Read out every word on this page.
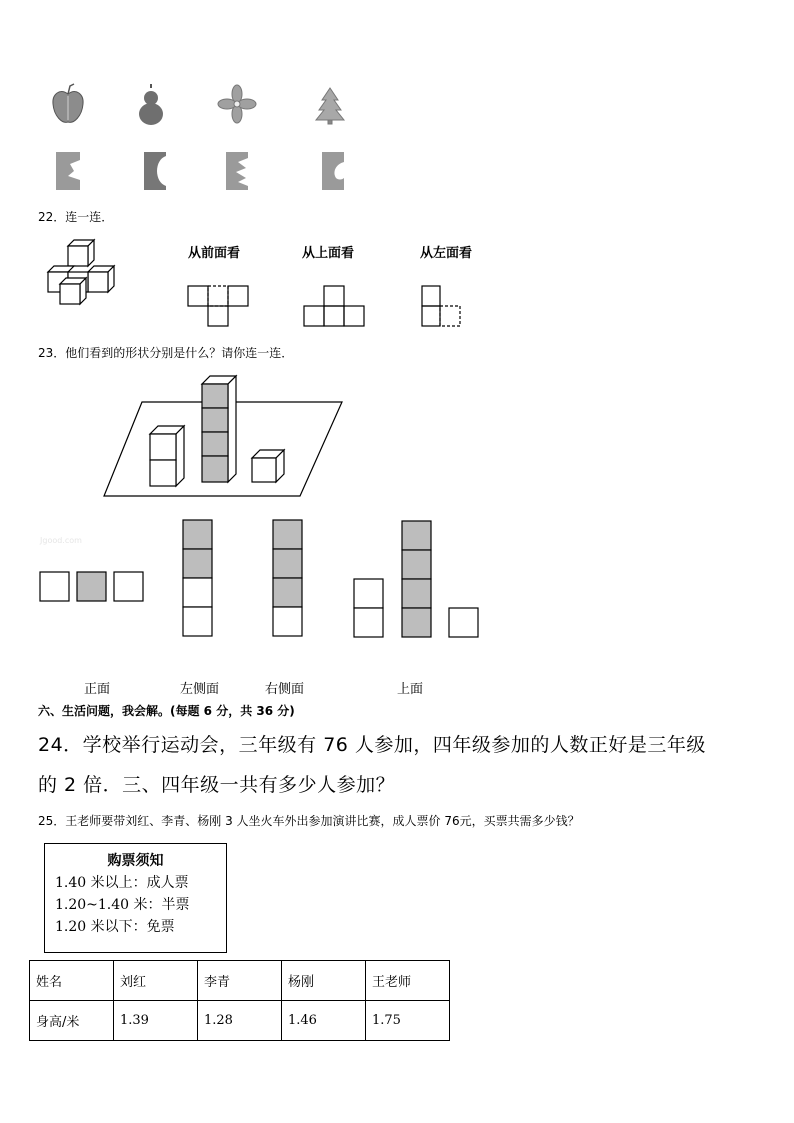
22．连一连．
从前面看	从上面看	从左面看
23．他们看到的形状分别是什么？请你连一连．
Jgood.com
正面	左侧面	右侧面	上面
六、生活问题，我会解。(每题 6 分，共 36 分)
24．学校举行运动会，三年级有 76 人参加，四年级参加的人数正好是三年级
的 2 倍．三、四年级一共有多少人参加？
25．王老师要带刘红、李青、杨刚 3 人坐火车外出参加演讲比赛，成人票价 76元，买票共需多少钱？
购票须知
1.40 米以上：成人票
1.20~1.40 米：半票
1.20 米以下：免票
姓名	刘红	李青	杨刚	王老师
身高/米	1.39	1.28	1.46	1.75
